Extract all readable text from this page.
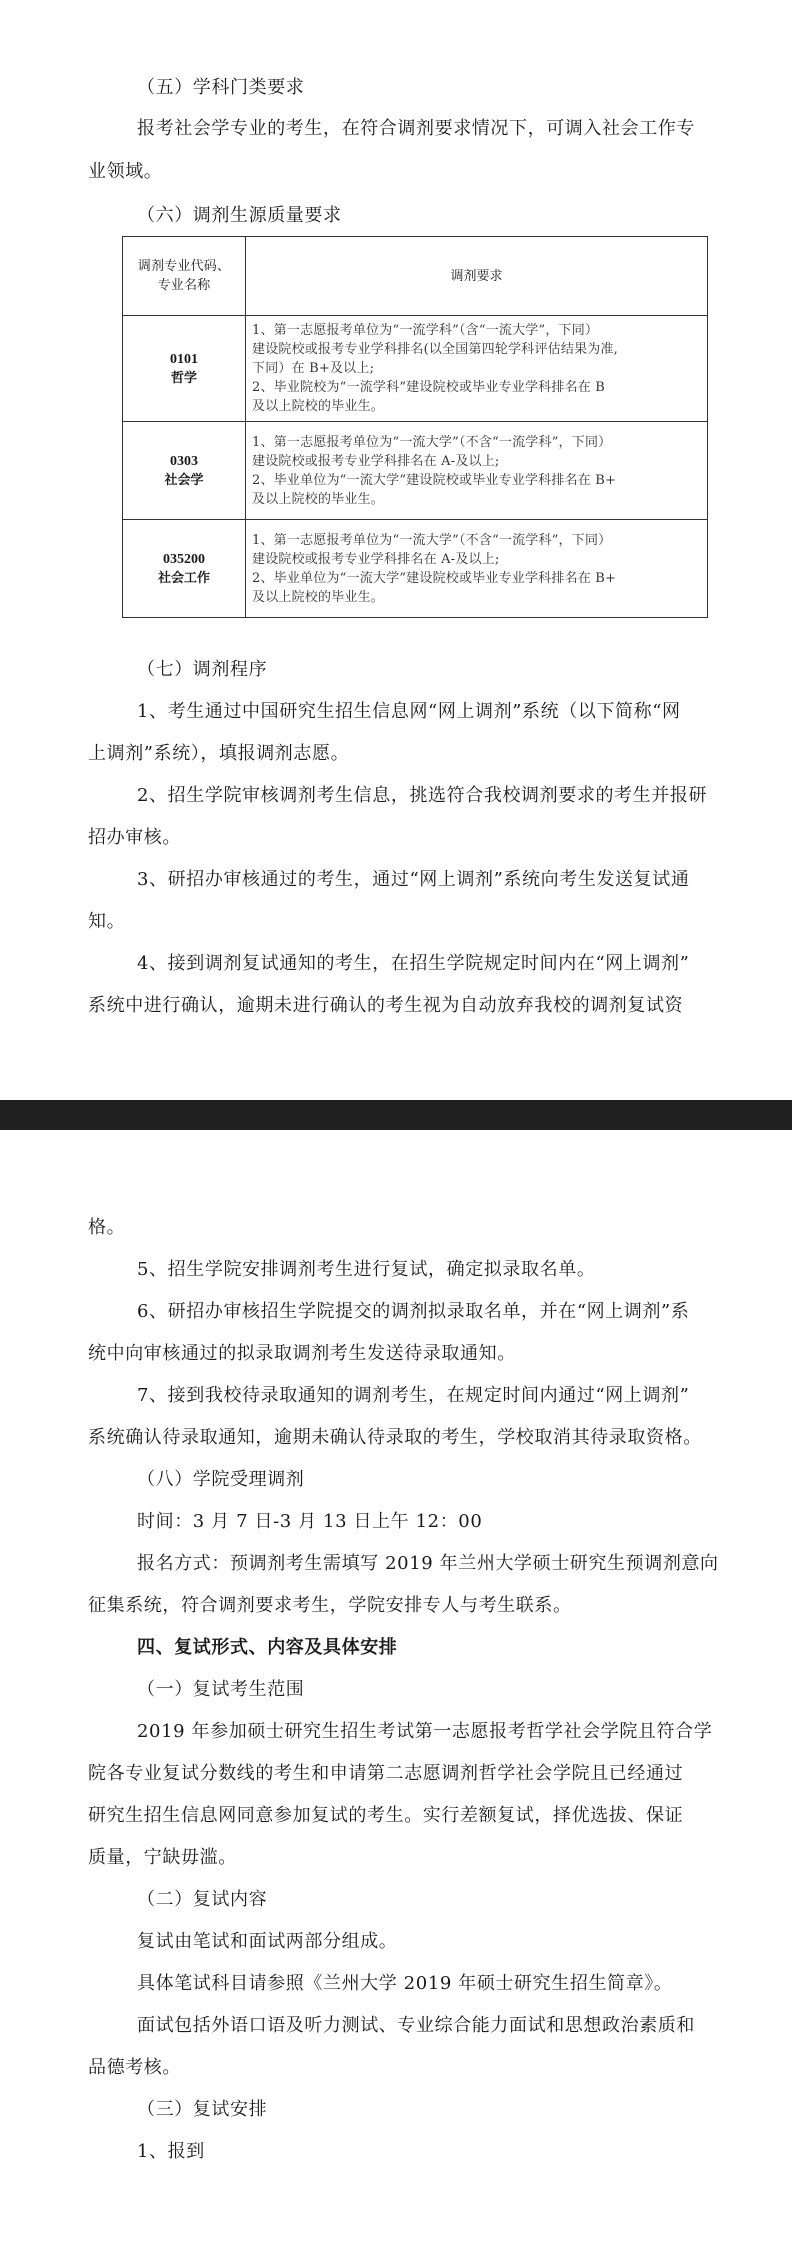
（五）学科门类要求
报考社会学专业的考生，在符合调剂要求情况下，可调入社会工作专
业领域。
（六）调剂生源质量要求
调剂专业代码、
专业名称	调剂要求

0101
哲学	1、第一志愿报考单位为“一流学科”（含“一流大学”，下同）
建设院校或报考专业学科排名(以全国第四轮学科评估结果为准,
下同）在 B+及以上;
2、毕业院校为“一流学科”建设院校或毕业专业学科排名在 B
及以上院校的毕业生。

0303
社会学	1、第一志愿报考单位为“一流大学”（不含“一流学科”，下同）
建设院校或报考专业学科排名在 A-及以上;
2、毕业单位为“一流大学”建设院校或毕业专业学科排名在 B+
及以上院校的毕业生。

035200
社会工作	1、第一志愿报考单位为“一流大学”（不含“一流学科”，下同）
建设院校或报考专业学科排名在 A-及以上;
2、毕业单位为“一流大学”建设院校或毕业专业学科排名在 B+
及以上院校的毕业生。
（七）调剂程序
1、考生通过中国研究生招生信息网“网上调剂”系统（以下简称“网
上调剂”系统），填报调剂志愿。
2、招生学院审核调剂考生信息，挑选符合我校调剂要求的考生并报研
招办审核。
3、研招办审核通过的考生，通过“网上调剂”系统向考生发送复试通
知。
4、接到调剂复试通知的考生，在招生学院规定时间内在“网上调剂”
系统中进行确认，逾期未进行确认的考生视为自动放弃我校的调剂复试资
格。
5、招生学院安排调剂考生进行复试，确定拟录取名单。
6、研招办审核招生学院提交的调剂拟录取名单，并在“网上调剂”系
统中向审核通过的拟录取调剂考生发送待录取通知。
7、接到我校待录取通知的调剂考生，在规定时间内通过“网上调剂”
系统确认待录取通知，逾期未确认待录取的考生，学校取消其待录取资格。
（八）学院受理调剂
时间：3 月 7 日-3 月 13 日上午 12：00
报名方式：预调剂考生需填写 2019 年兰州大学硕士研究生预调剂意向
征集系统，符合调剂要求考生，学院安排专人与考生联系。
四、复试形式、内容及具体安排
（一）复试考生范围
2019 年参加硕士研究生招生考试第一志愿报考哲学社会学院且符合学
院各专业复试分数线的考生和申请第二志愿调剂哲学社会学院且已经通过
研究生招生信息网同意参加复试的考生。实行差额复试，择优选拔、保证
质量，宁缺毋滥。
（二）复试内容
复试由笔试和面试两部分组成。
具体笔试科目请参照《兰州大学 2019 年硕士研究生招生简章》。
面试包括外语口语及听力测试、专业综合能力面试和思想政治素质和
品德考核。
（三）复试安排
1、报到
